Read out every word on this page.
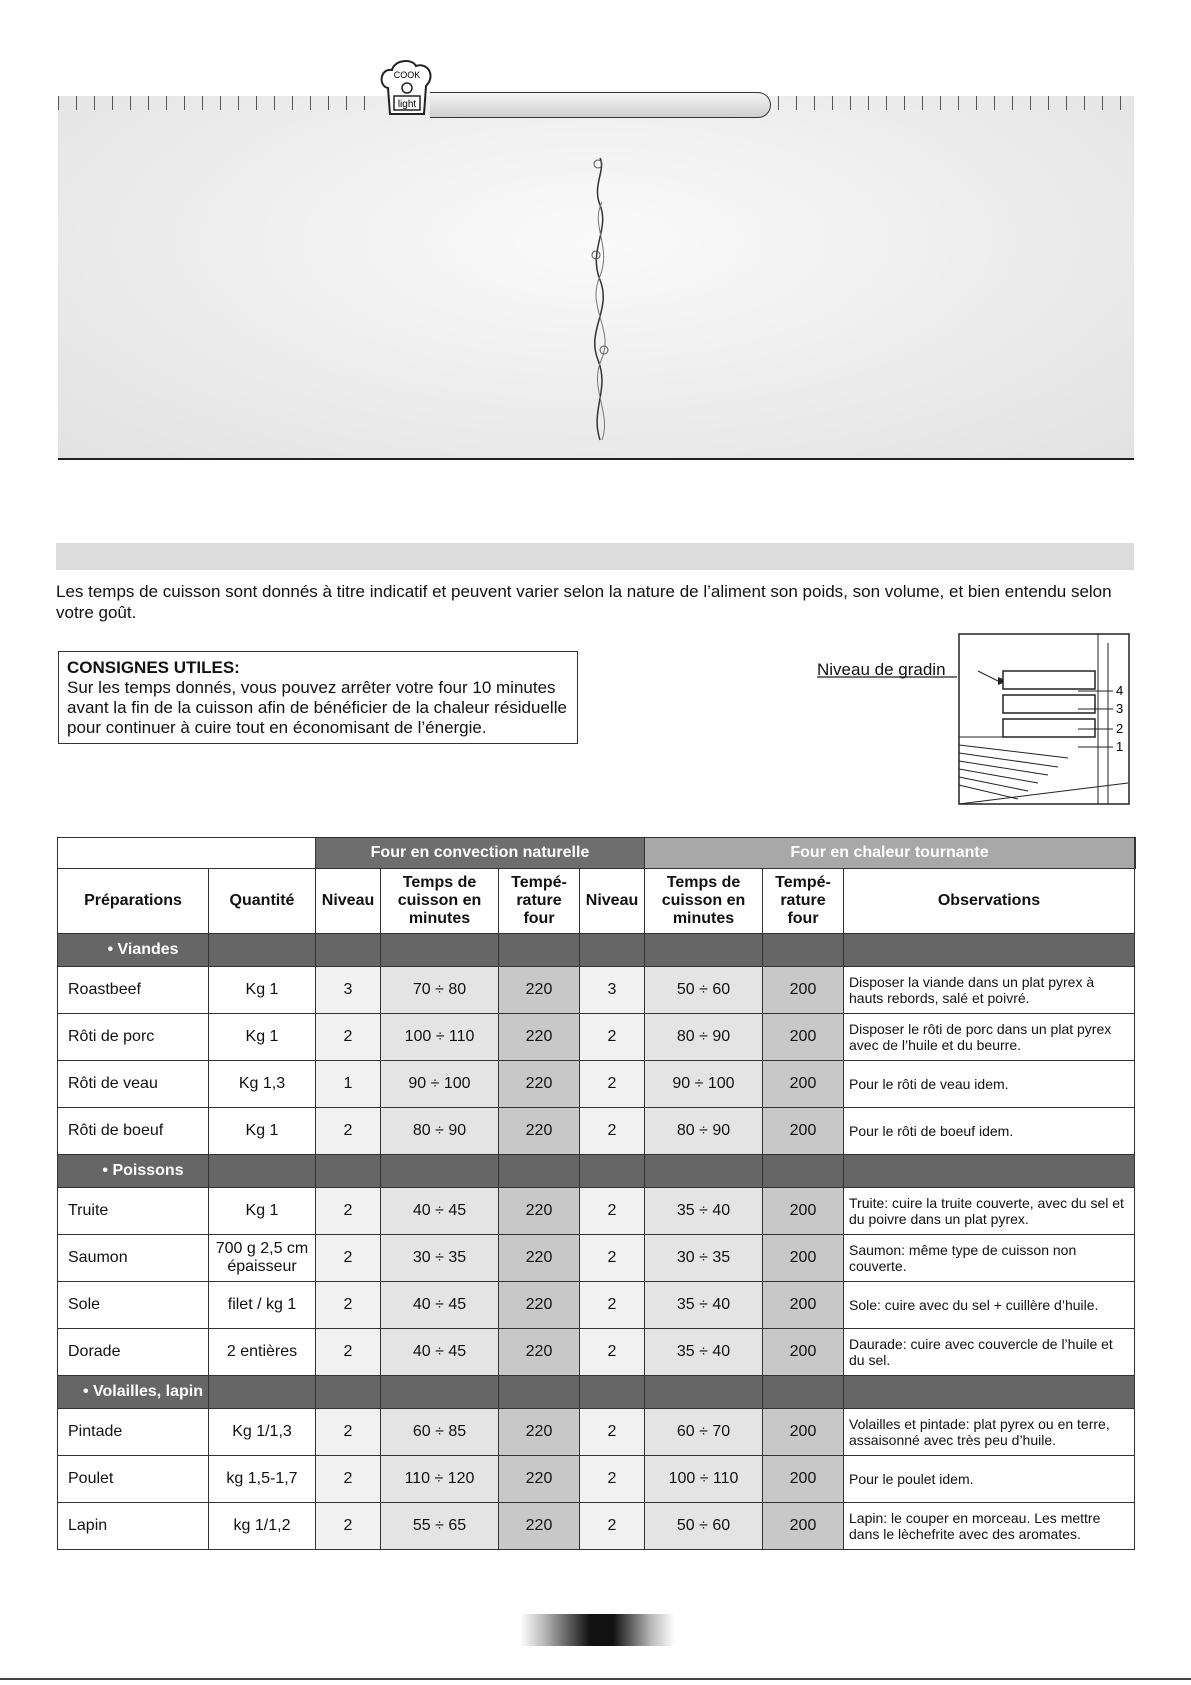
COOK
light
Les temps de cuisson sont donnés à titre indicatif et peuvent varier selon la nature de l’aliment son poids, son volume, et bien entendu selon votre goût.
CONSIGNES UTILES:
Sur les temps donnés, vous pouvez arrêter votre four 10 minutes avant la fin de la cuisson afin de bénéficier de la chaleur résiduelle pour continuer à cuire tout en économisant de l’énergie.
Niveau de gradin
4
3
2
1
		Four en convection naturelle				Four en chaleur tournante			
Préparations	Quantité	Niveau	Temps de cuisson en minutes	Tempé-rature four	Niveau	Temps de cuisson en minutes	Tempé-rature four	Observations	
• Viandes									
Roastbeef	Kg 1	3	70 ÷ 80	220	3	50 ÷ 60	200	Disposer la viande dans un plat pyrex à hauts rebords, salé et poivré.	
Rôti de porc	Kg 1	2	100 ÷ 110	220	2	80 ÷ 90	200	Disposer le rôti de porc dans un plat pyrex avec de l’huile et du beurre.	
Rôti de veau	Kg 1,3	1	90 ÷ 100	220	2	90 ÷ 100	200	Pour le rôti de veau idem.	
Rôti de boeuf	Kg 1	2	80 ÷ 90	220	2	80 ÷ 90	200	Pour le rôti de boeuf idem.	
• Poissons									
Truite	Kg 1	2	40 ÷ 45	220	2	35 ÷ 40	200	Truite: cuire la truite couverte, avec du sel et du poivre dans un plat pyrex.	
Saumon	700 g 2,5 cm épaisseur	2	30 ÷ 35	220	2	30 ÷ 35	200	Saumon: même type de cuisson non couverte.	
Sole	filet / kg 1	2	40 ÷ 45	220	2	35 ÷ 40	200	Sole: cuire avec du sel + cuillère d’huile.	
Dorade	2 entières	2	40 ÷ 45	220	2	35 ÷ 40	200	Daurade: cuire avec couvercle de l’huile et du sel.	
• Volailles, lapin									
Pintade	Kg 1/1,3	2	60 ÷ 85	220	2	60 ÷ 70	200	Volailles et pintade: plat pyrex ou en terre, assaisonné avec très peu d’huile.	
Poulet	kg 1,5-1,7	2	110 ÷ 120	220	2	100 ÷ 110	200	Pour le poulet idem.	
Lapin	kg 1/1,2	2	55 ÷ 65	220	2	50 ÷ 60	200	Lapin: le couper en morceau. Les mettre dans le lèchefrite avec des aromates.	
